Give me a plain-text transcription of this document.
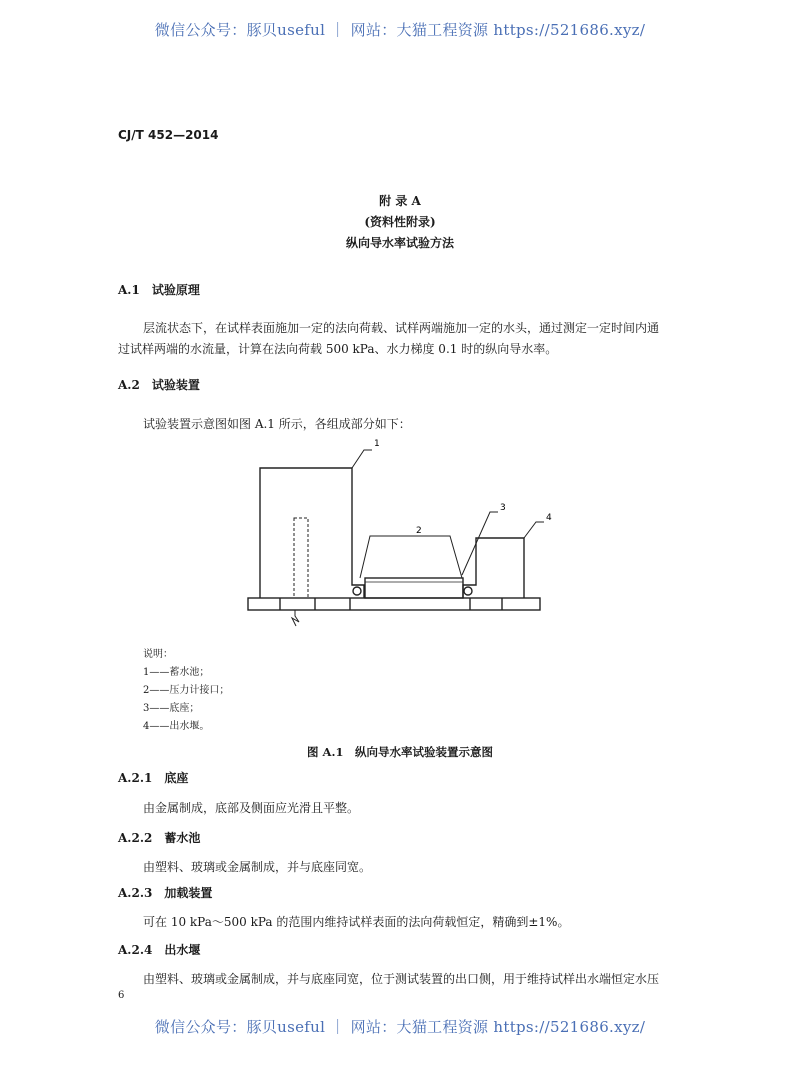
微信公众号：豚贝useful ｜ 网站：大猫工程资源 https://521686.xyz/
CJ/T 452—2014
附 录 A
(资料性附录)
纵向导水率试验方法
A.1　试验原理
层流状态下，在试样表面施加一定的法向荷载、试样两端施加一定的水头，通过测定一定时间内通
过试样两端的水流量，计算在法向荷载 500 kPa、水力梯度 0.1 时的纵向导水率。
A.2　试验装置
试验装置示意图如图 A.1 所示，各组成部分如下：
1
2
3
4
说明：
1——蓄水池；
2——压力计接口；
3——底座；
4——出水堰。
图 A.1　纵向导水率试验装置示意图
A.2.1　底座
由金属制成，底部及侧面应光滑且平整。
A.2.2　蓄水池
由塑料、玻璃或金属制成，并与底座同宽。
A.2.3　加载装置
可在 10 kPa～500 kPa 的范围内维持试样表面的法向荷载恒定，精确到±1%。
A.2.4　出水堰
由塑料、玻璃或金属制成，并与底座同宽，位于测试装置的出口侧，用于维持试样出水端恒定水压
6
微信公众号：豚贝useful ｜ 网站：大猫工程资源 https://521686.xyz/
